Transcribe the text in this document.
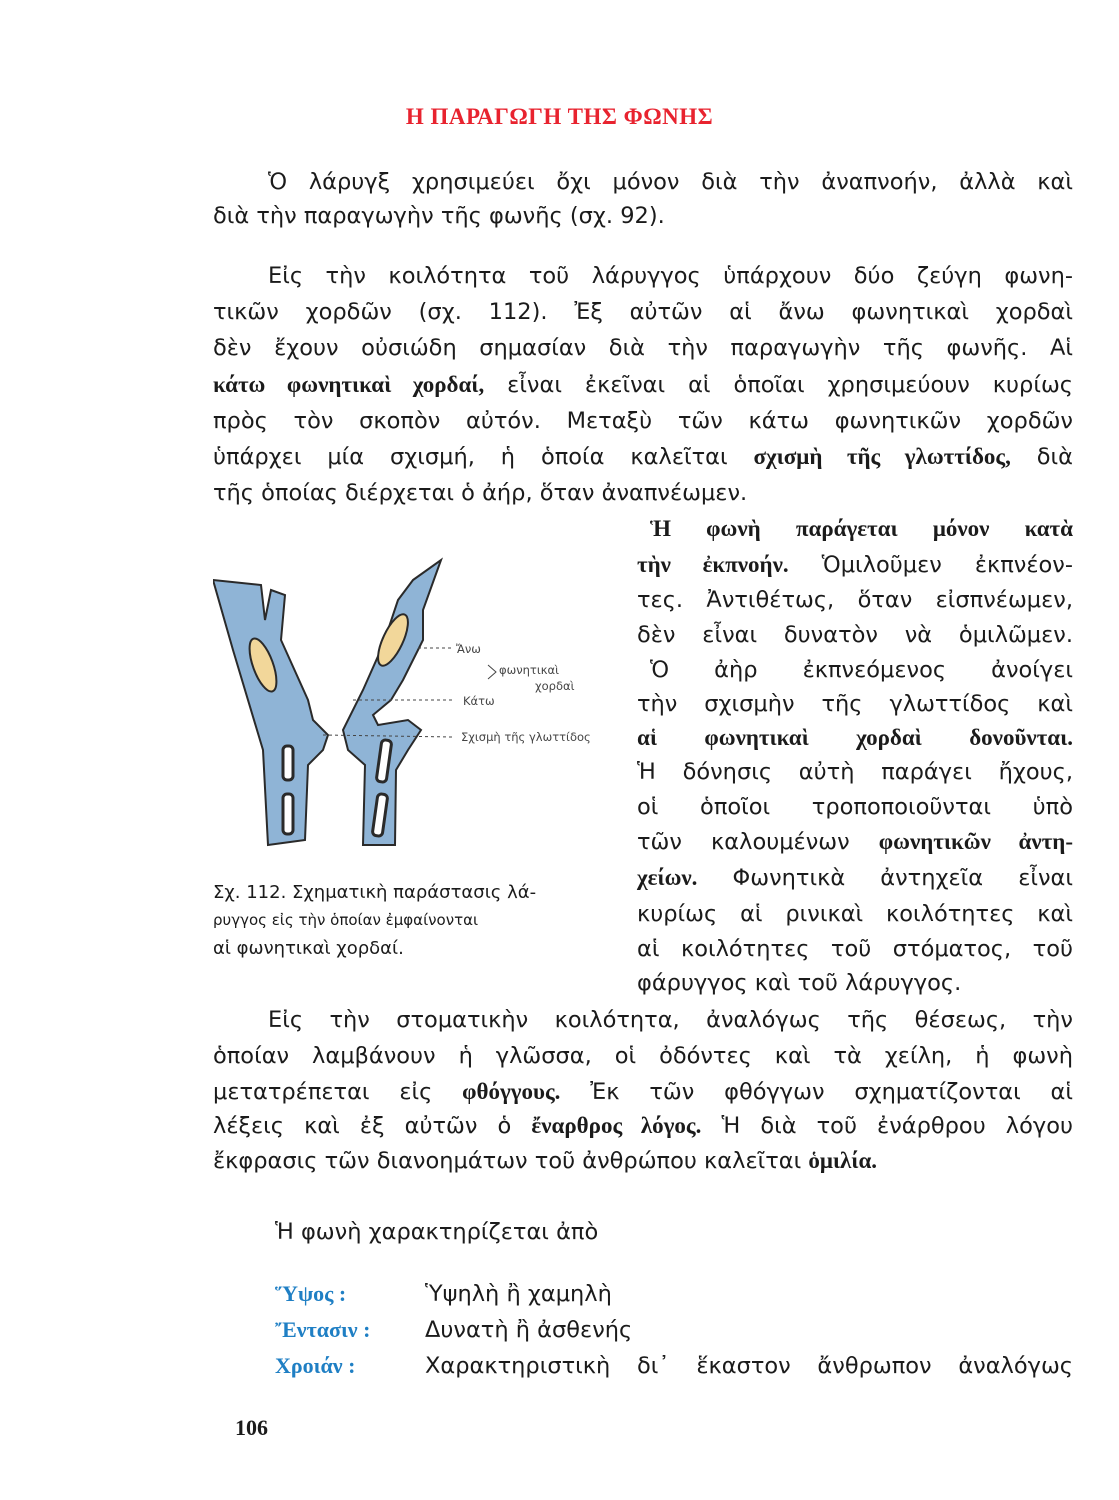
Η ΠΑΡΑΓΩΓΗ ΤΗΣ ΦΩΝΗΣ
Ὁ λάρυγξ χρησιμεύει ὄχι μόνον διὰ τὴν ἀναπνοήν, ἀλλὰ καὶ
διὰ τὴν παραγωγὴν τῆς φωνῆς (σχ. 92).
Εἰς τὴν κοιλότητα τοῦ λάρυγγος ὑπάρχουν δύο ζεύγη φωνη-
τικῶν χορδῶν (σχ. 112). Ἐξ αὐτῶν αἱ ἄνω φωνητικαὶ χορδαὶ
δὲν ἔχουν οὐσιώδη σημασίαν διὰ τὴν παραγωγὴν τῆς φωνῆς. Αἱ
κάτω φωνητικαὶ χορδαί, εἶναι ἐκεῖναι αἱ ὁποῖαι χρησιμεύουν κυρίως
πρὸς τὸν σκοπὸν αὐτόν. Μεταξὺ τῶν κάτω φωνητικῶν χορδῶν
ὑπάρχει μία σχισμή, ἡ ὁποία καλεῖται σχισμὴ τῆς γλωττίδος, διὰ
τῆς ὁποίας διέρχεται ὁ ἀήρ, ὅταν ἀναπνέωμεν.
Ἡ φωνὴ παράγεται μόνον κατὰ
τὴν ἐκπνοήν. Ὁμιλοῦμεν ἐκπνέον-
τες. Ἀντιθέτως, ὅταν εἰσπνέωμεν,
δὲν εἶναι δυνατὸν νὰ ὁμιλῶμεν.
Ὁ ἀὴρ ἐκπνεόμενος ἀνοίγει
τὴν σχισμὴν τῆς γλωττίδος καὶ
αἱ φωνητικαὶ χορδαὶ δονοῦνται.
Ἡ δόνησις αὐτὴ παράγει ἤχους,
οἱ ὁποῖοι τροποποιοῦνται ὑπὸ
τῶν καλουμένων φωνητικῶν ἀντη-
χείων. Φωνητικὰ ἀντηχεῖα εἶναι
κυρίως αἱ ρινικαὶ κοιλότητες καὶ
αἱ κοιλότητες τοῦ στόματος, τοῦ
φάρυγγος καὶ τοῦ λάρυγγος.
Ἄνω
φωνητικαὶ
χορδαὶ
Κάτω
Σχισμὴ τῆς γλωττίδος
Σχ. 112. Σχηματικὴ παράστασις λά-
ρυγγος εἰς τὴν ὁποίαν ἐμφαίνονται
αἱ φωνητικαὶ χορδαί.
Εἰς τὴν στοματικὴν κοιλότητα, ἀναλόγως τῆς θέσεως, τὴν
ὁποίαν λαμβάνουν ἡ γλῶσσα, οἱ ὀδόντες καὶ τὰ χείλη, ἡ φωνὴ
μετατρέπεται εἰς φθόγγους. Ἐκ τῶν φθόγγων σχηματίζονται αἱ
λέξεις καὶ ἐξ αὐτῶν ὁ ἔναρθρος λόγος. Ἡ διὰ τοῦ ἐνάρθρου λόγου
ἔκφρασις τῶν διανοημάτων τοῦ ἀνθρώπου καλεῖται ὁμιλία.
Ἡ φωνὴ χαρακτηρίζεται ἀπὸ
Ὕψος :	Ὑψηλὴ ἢ χαμηλὴ
Ἔντασιν : Δυνατὴ ἢ ἀσθενής
Χροιάν :	Χαρακτηριστικὴ δι᾿ ἕκαστον ἄνθρωπον ἀναλόγως
106
